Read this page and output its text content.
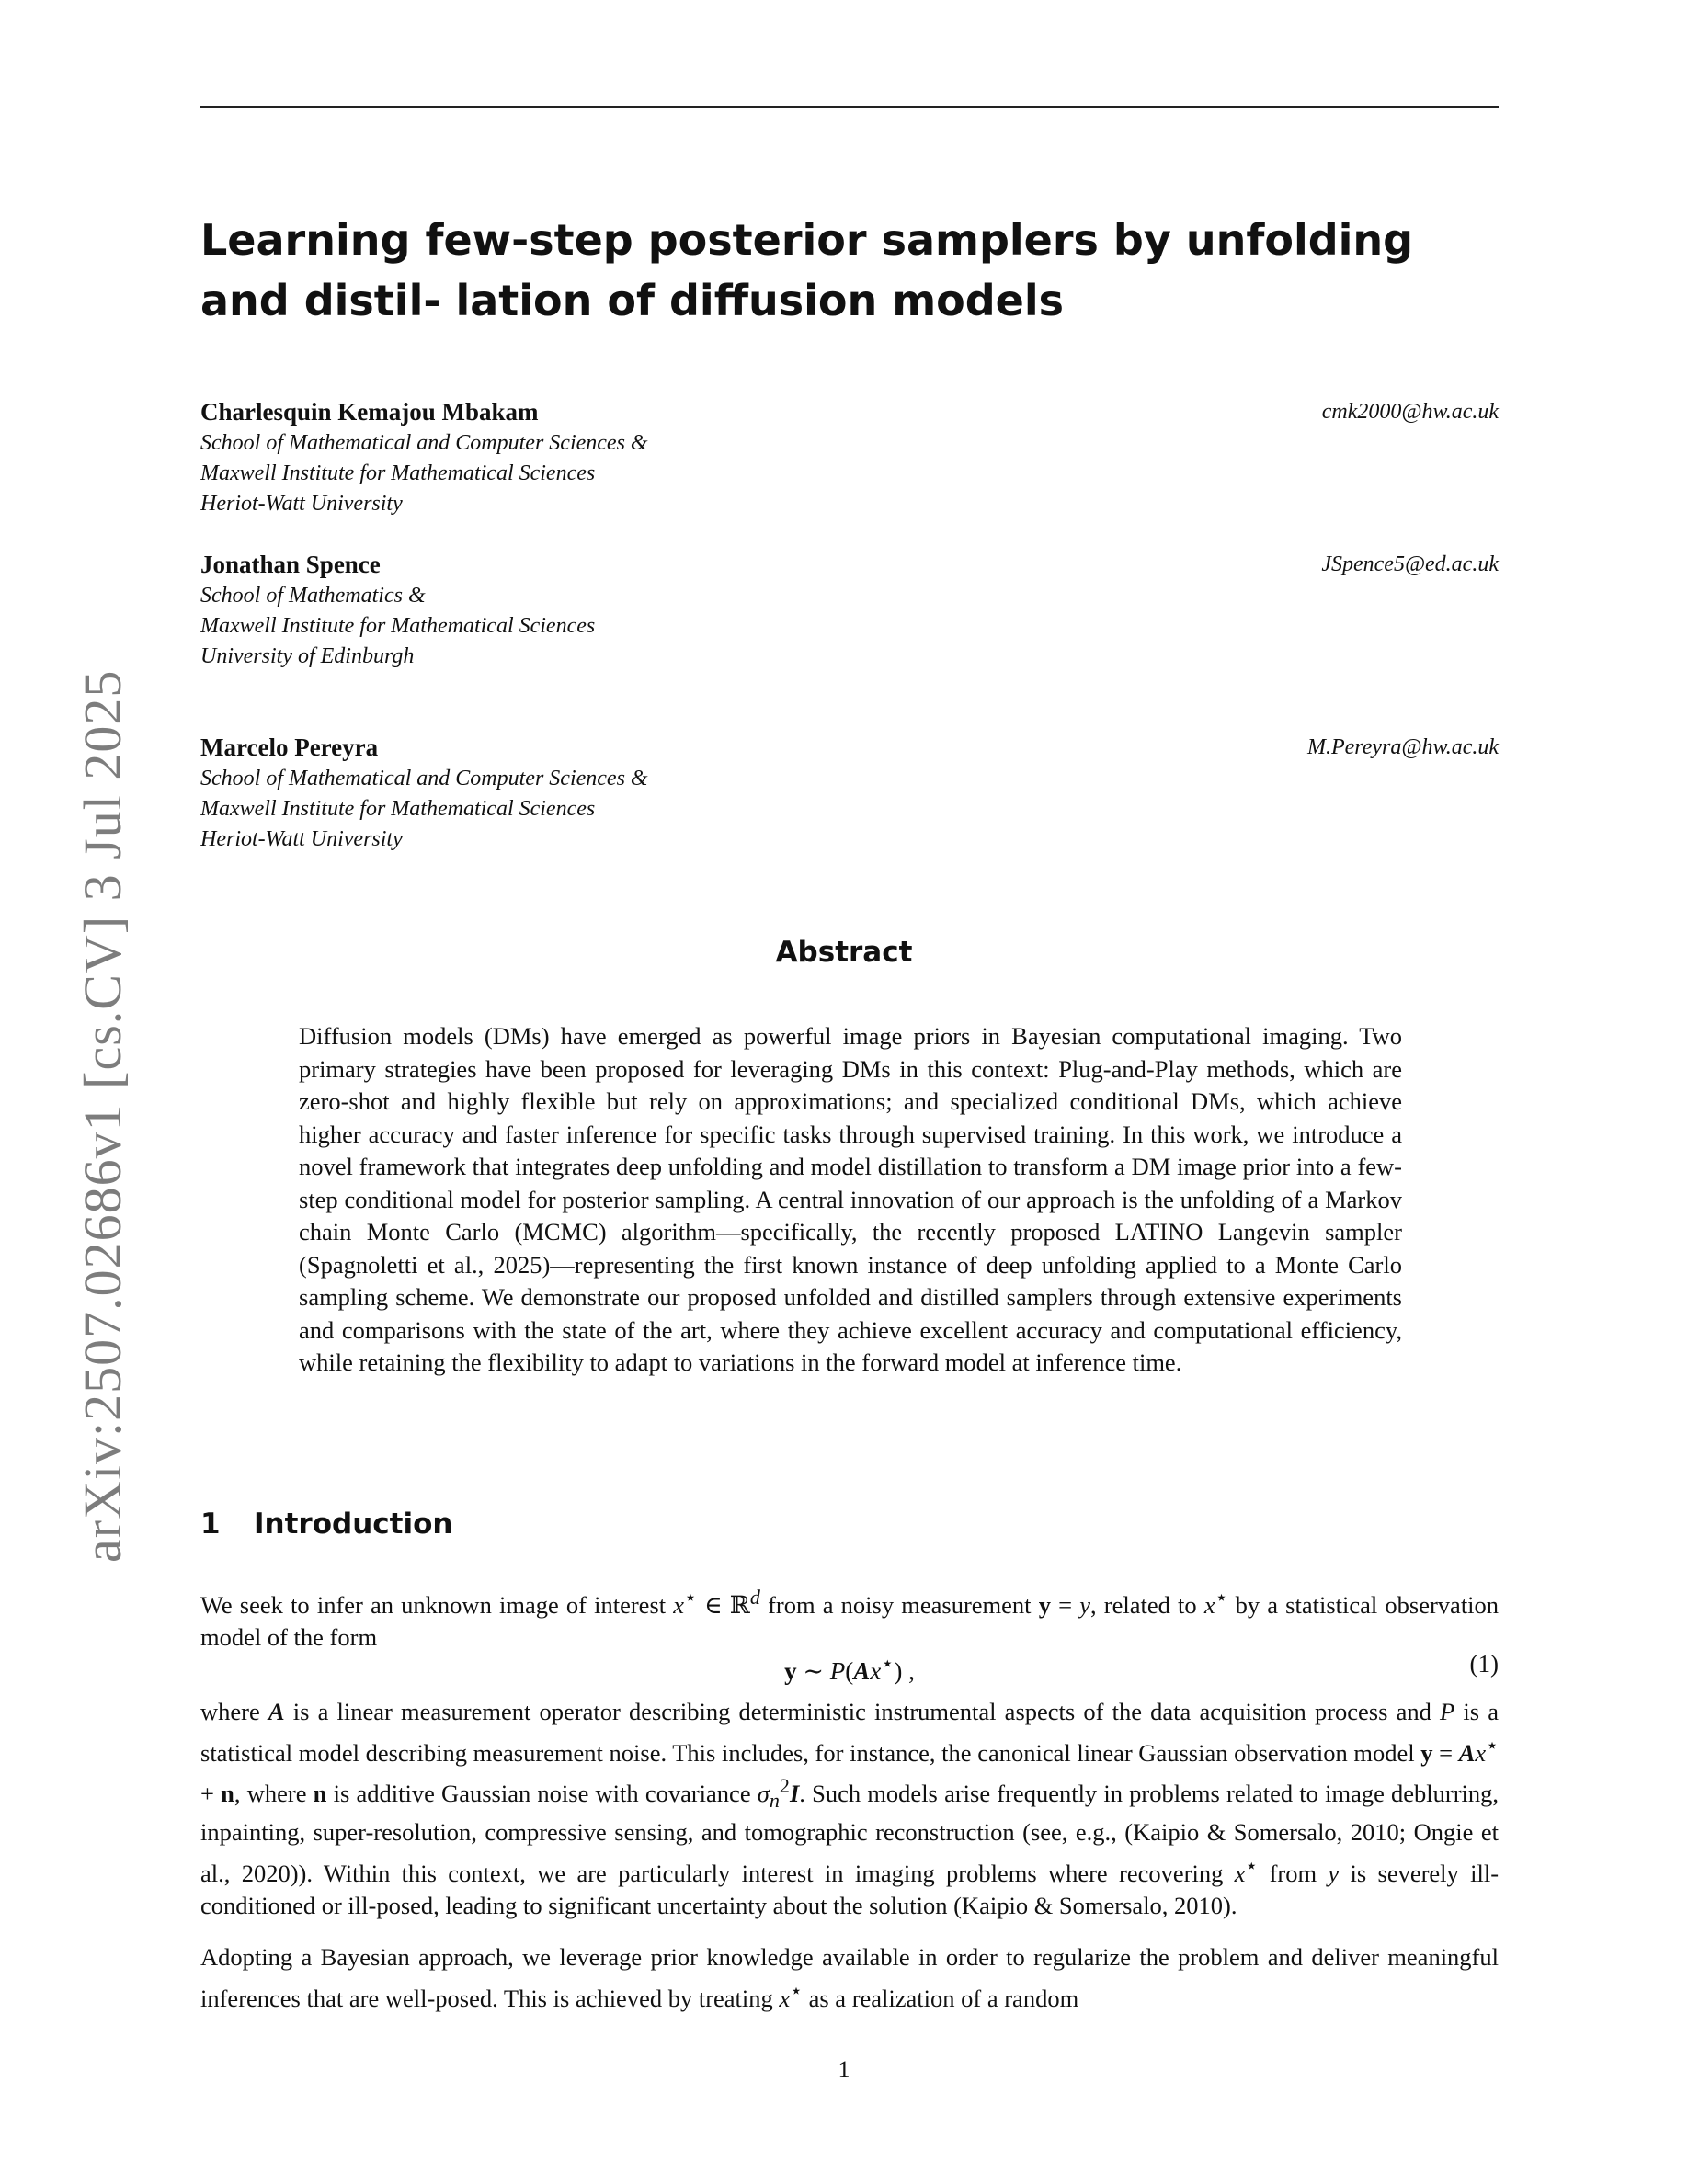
arXiv:2507.02686v1 [cs.CV] 3 Jul 2025
Learning few-step posterior samplers by unfolding and distil- lation of diffusion models
Charlesquin Kemajou Mbakam	cmk2000@hw.ac.uk
School of Mathematical and Computer Sciences &
Maxwell Institute for Mathematical Sciences
Heriot-Watt University
Jonathan Spence	JSpence5@ed.ac.uk
School of Mathematics &
Maxwell Institute for Mathematical Sciences
University of Edinburgh
Marcelo Pereyra	M.Pereyra@hw.ac.uk
School of Mathematical and Computer Sciences &
Maxwell Institute for Mathematical Sciences
Heriot-Watt University
Abstract

Diffusion models (DMs) have emerged as powerful image priors in Bayesian computational imaging. Two primary strategies have been proposed for leveraging DMs in this context: Plug-and-Play methods, which are zero-shot and highly flexible but rely on approximations; and specialized conditional DMs, which achieve higher accuracy and faster inference for specific tasks through supervised training. In this work, we introduce a novel framework that integrates deep unfolding and model distillation to transform a DM image prior into a few-step conditional model for posterior sampling. A central innovation of our approach is the unfolding of a Markov chain Monte Carlo (MCMC) algorithm—specifically, the recently proposed LATINO Langevin sampler (Spagnoletti et al., 2025)—representing the first known instance of deep unfolding applied to a Monte Carlo sampling scheme. We demonstrate our proposed unfolded and distilled samplers through extensive experiments and comparisons with the state of the art, where they achieve excellent accuracy and computational efficiency, while retaining the flexibility to adapt to variations in the forward model at inference time.

1 Introduction

We seek to infer an unknown image of interest x⋆ ∈ ℝ$^d$ from a noisy measurement y = y, related to x⋆ by a statistical observation model of the form

y ∼ P(Ax⋆) ,	(1)

where A is a linear measurement operator describing deterministic instrumental aspects of the data acquisition process and P is a statistical model describing measurement noise. This includes, for instance, the canonical linear Gaussian observation model y = Ax⋆ + n, where n is additive Gaussian noise with covariance $\sigma_n^2I$. Such models arise frequently in problems related to image deblurring, inpainting, super-resolution, compressive sensing, and tomographic reconstruction (see, e.g., (Kaipio & Somersalo, 2010; Ongie et al., 2020)). Within this context, we are particularly interest in imaging problems where recovering x⋆ from y is severely ill-conditioned or ill-posed, leading to significant uncertainty about the solution (Kaipio & Somersalo, 2010).

Adopting a Bayesian approach, we leverage prior knowledge available in order to regularize the problem and deliver meaningful inferences that are well-posed. This is achieved by treating x⋆ as a realization of a random

1
